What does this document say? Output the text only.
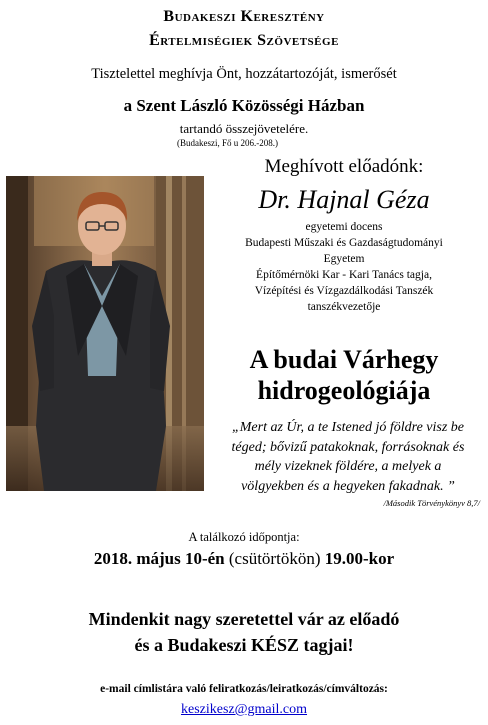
Budakeszi Keresztény
Értelmiségiek Szövetsége
Tisztelettel meghívja Önt, hozzátartozóját, ismerősét
a Szent László Közösségi Házban
tartandó összejövetelére.
(Budakeszi, Fő u 206.-208.)
Meghívott előadónk:
Dr. Hajnal Géza
egyetemi docens
Budapesti Műszaki és Gazdaságtudományi
Egyetem
Építőmérnöki Kar - Kari Tanács tagja,
Vízépítési és Vízgazdálkodási Tanszék
tanszékvezetője
A budai Várhegy
hidrogeológiája
„Mert az Úr, a te Istened jó földre visz be
téged; bővizű patakoknak, forrásoknak és
mély vizeknek földére, a melyek a
völgyekben és a hegyeken fakadnak. ”
/Második Törvénykönyv 8,7/
A találkozó időpontja:
2018. május 10-én (csütörtökön) 19.00-kor
Mindenkit nagy szeretettel vár az előadó
és a Budakeszi KÉSZ tagjai!
e-mail címlistára való feliratkozás/leiratkozás/címváltozás:
keszikesz@gmail.com
